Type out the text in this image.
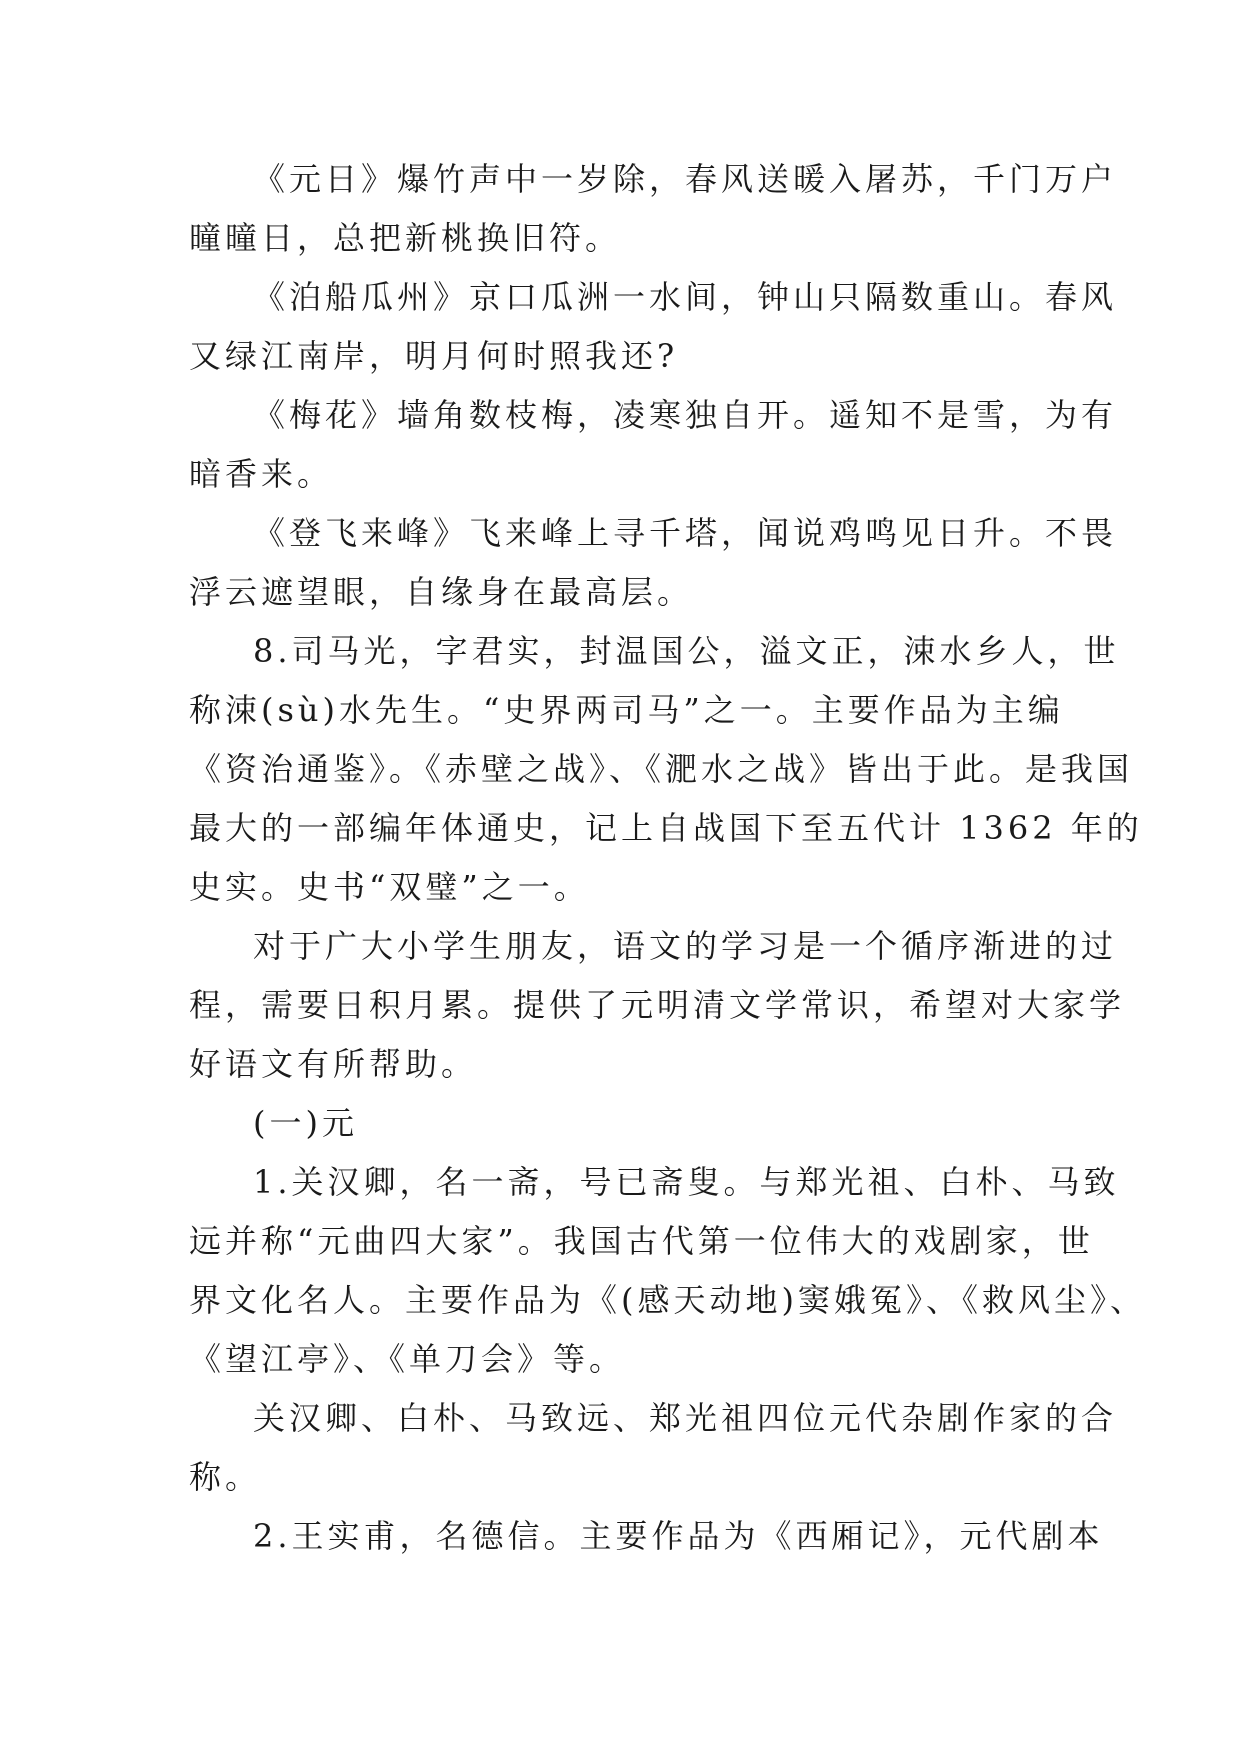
《元日》爆竹声中一岁除，春风送暖入屠苏，千门万户
曈曈日，总把新桃换旧符。

《泊船瓜州》京口瓜洲一水间，钟山只隔数重山。春风
又绿江南岸，明月何时照我还?

《梅花》墙角数枝梅，凌寒独自开。遥知不是雪，为有
暗香来。

《登飞来峰》飞来峰上寻千塔，闻说鸡鸣见日升。不畏
浮云遮望眼，自缘身在最高层。

8.司马光，字君实，封温国公，溢文正，涑水乡人，世
称涑(sù)水先生。“史界两司马”之一。主要作品为主编
《资治通鉴》。《赤壁之战》、《淝水之战》皆出于此。是我国
最大的一部编年体通史，记上自战国下至五代计 1362 年的
史实。史书“双璧”之一。

对于广大小学生朋友，语文的学习是一个循序渐进的过
程，需要日积月累。提供了元明清文学常识，希望对大家学
好语文有所帮助。

(一)元

1.关汉卿，名一斋，号已斋叟。与郑光祖、白朴、马致
远并称“元曲四大家”。我国古代第一位伟大的戏剧家，世
界文化名人。主要作品为《(感天动地)窦娥冤》、《救风尘》、
《望江亭》、《单刀会》等。

关汉卿、白朴、马致远、郑光祖四位元代杂剧作家的合
称。

2.王实甫，名德信。主要作品为《西厢记》，元代剧本
